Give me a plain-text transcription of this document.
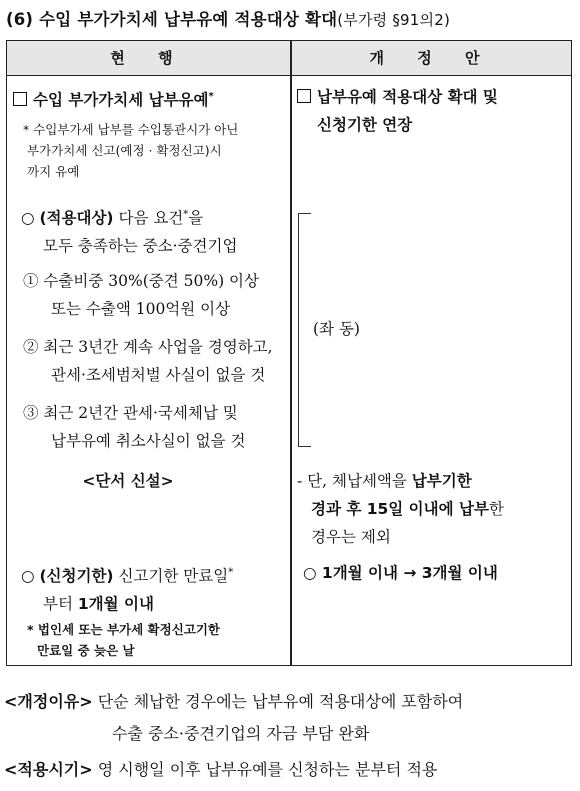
(6) 수입 부가가치세 납부유예 적용대상 확대(부가령 §91의2)
현 행	개 정 안
수입 부가가치세 납부유예*
* 수입부가세 납부를 수입통관시가 아닌
부가가치세 신고(예정 · 확정신고)시
까지 유예
○ (적용대상) 다음 요건*을
모두 충족하는 중소·중견기업
① 수출비중 30%(중견 50%) 이상
또는 수출액 100억원 이상
② 최근 3년간 계속 사업을 경영하고,
관세·조세범처벌 사실이 없을 것
③ 최근 2년간 관세·국세체납 및
납부유예 취소사실이 없을 것
<단서 신설>
○ (신청기한) 신고기한 만료일*
부터 1개월 이내
* 법인세 또는 부가세 확정신고기한
만료일 중 늦은 날
납부유예 적용대상 확대 및
신청기한 연장
(좌 동)
- 단, 체납세액을 납부기한
경과 후 15일 이내에 납부한
경우는 제외
○ 1개월 이내 → 3개월 이내
<개정이유> 단순 체납한 경우에는 납부유예 적용대상에 포함하여
수출 중소·중견기업의 자금 부담 완화
<적용시기> 영 시행일 이후 납부유예를 신청하는 분부터 적용
